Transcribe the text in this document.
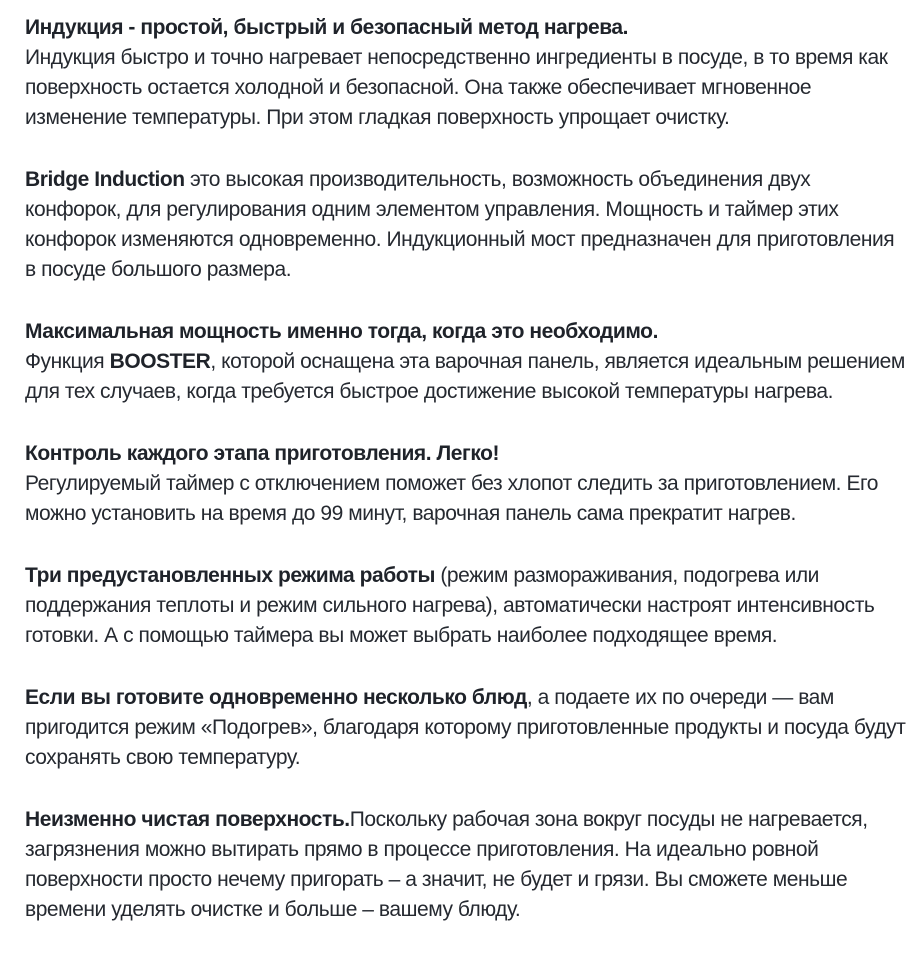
Индукция - простой, быстрый и безопасный метод нагрева.
Индукция быстро и точно нагревает непосредственно ингредиенты в посуде, в то время как поверхность остается холодной и безопасной. Она также обеспечивает мгновенное изменение температуры. При этом гладкая поверхность упрощает очистку.

Bridge Induction это высокая производительность, возможность объединения двух конфорок, для регулирования одним элементом управления. Мощность и таймер этих конфорок изменяются одновременно. Индукционный мост предназначен для приготовления в посуде большого размера.

Максимальная мощность именно тогда, когда это необходимо.
Функция BOOSTER, которой оснащена эта варочная панель, является идеальным решением для тех случаев, когда требуется быстрое достижение высокой температуры нагрева.

Контроль каждого этапа приготовления. Легко!
Регулируемый таймер с отключением поможет без хлопот следить за приготовлением. Его можно установить на время до 99 минут, варочная панель сама прекратит нагрев.

Три предустановленных режима работы (режим размораживания, подогрева или поддержания теплоты и режим сильного нагрева), автоматически настроят интенсивность готовки. А с помощью таймера вы может выбрать наиболее подходящее время.

Если вы готовите одновременно несколько блюд, а подаете их по очереди — вам пригодится режим «Подогрев», благодаря которому приготовленные продукты и посуда будут сохранять свою температуру.

Неизменно чистая поверхность.Поскольку рабочая зона вокруг посуды не нагревается, загрязнения можно вытирать прямо в процессе приготовления. На идеально ровной поверхности просто нечему пригорать – а значит, не будет и грязи. Вы сможете меньше времени уделять очистке и больше – вашему блюду.
